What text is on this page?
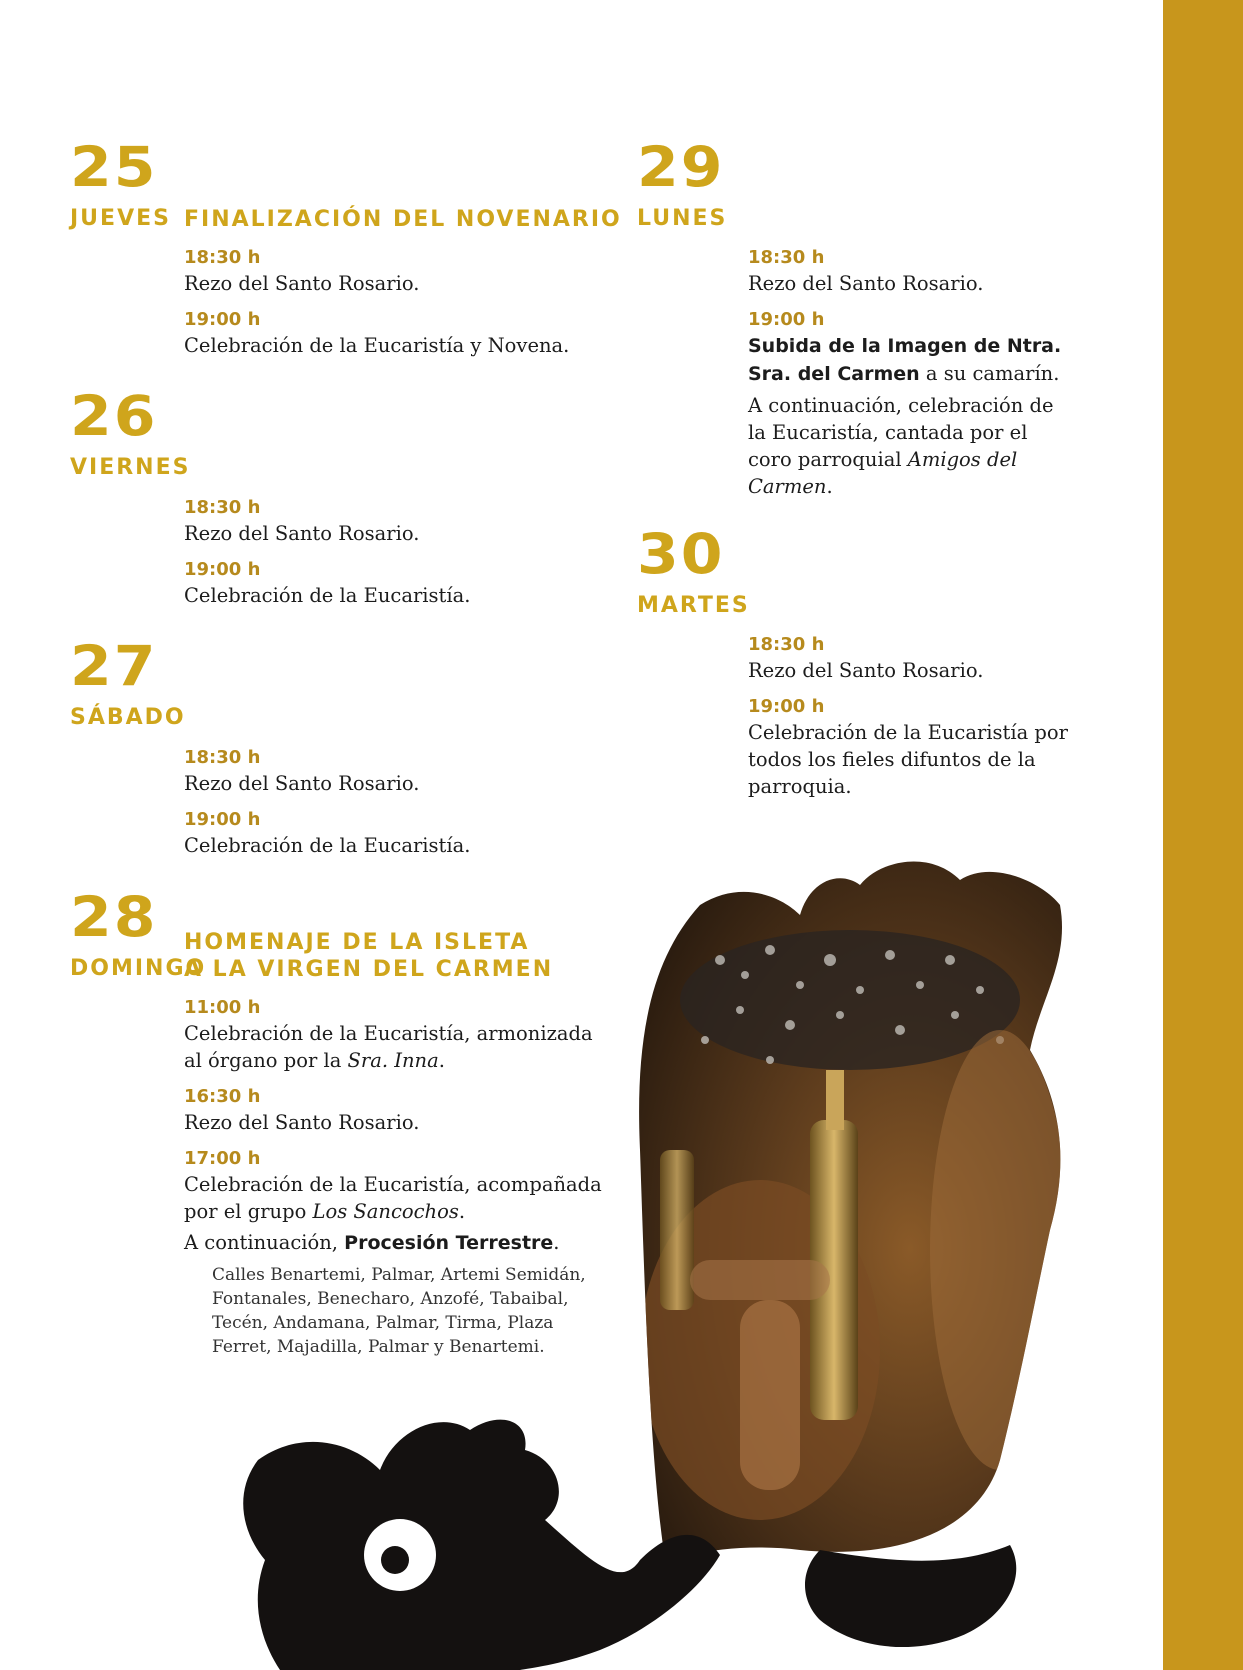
25
JUEVES FINALIZACIÓN DEL NOVENARIO
18:30 h
Rezo del Santo Rosario.
19:00 h
Celebración de la Eucaristía y Novena.
26
VIERNES
18:30 h
Rezo del Santo Rosario.
19:00 h
Celebración de la Eucaristía.
27
SÁBADO
18:30 h
Rezo del Santo Rosario.
19:00 h
Celebración de la Eucaristía.
28
DOMINGO
HOMENAJE DE LA ISLETA
A LA VIRGEN DEL CARMEN
11:00 h
Celebración de la Eucaristía, armonizada al órgano por la Sra. Inna.
16:30 h
Rezo del Santo Rosario.
17:00 h
Celebración de la Eucaristía, acompañada por el grupo Los Sancochos.
A continuación, Procesión Terrestre.
Calles Benartemi, Palmar, Artemi Semidán, Fontanales, Benecharo, Anzofé, Tabaibal, Tecén, Andamana, Palmar, Tirma, Plaza Ferret, Majadilla, Palmar y Benartemi.
29
LUNES
18:30 h
Rezo del Santo Rosario.
19:00 h
Subida de la Imagen de Ntra. Sra. del Carmen a su camarín.
A continuación, celebración de la Eucaristía, cantada por el coro parroquial Amigos del Carmen.
30
MARTES
18:30 h
Rezo del Santo Rosario.
19:00 h
Celebración de la Eucaristía por todos los fieles difuntos de la parroquia.
